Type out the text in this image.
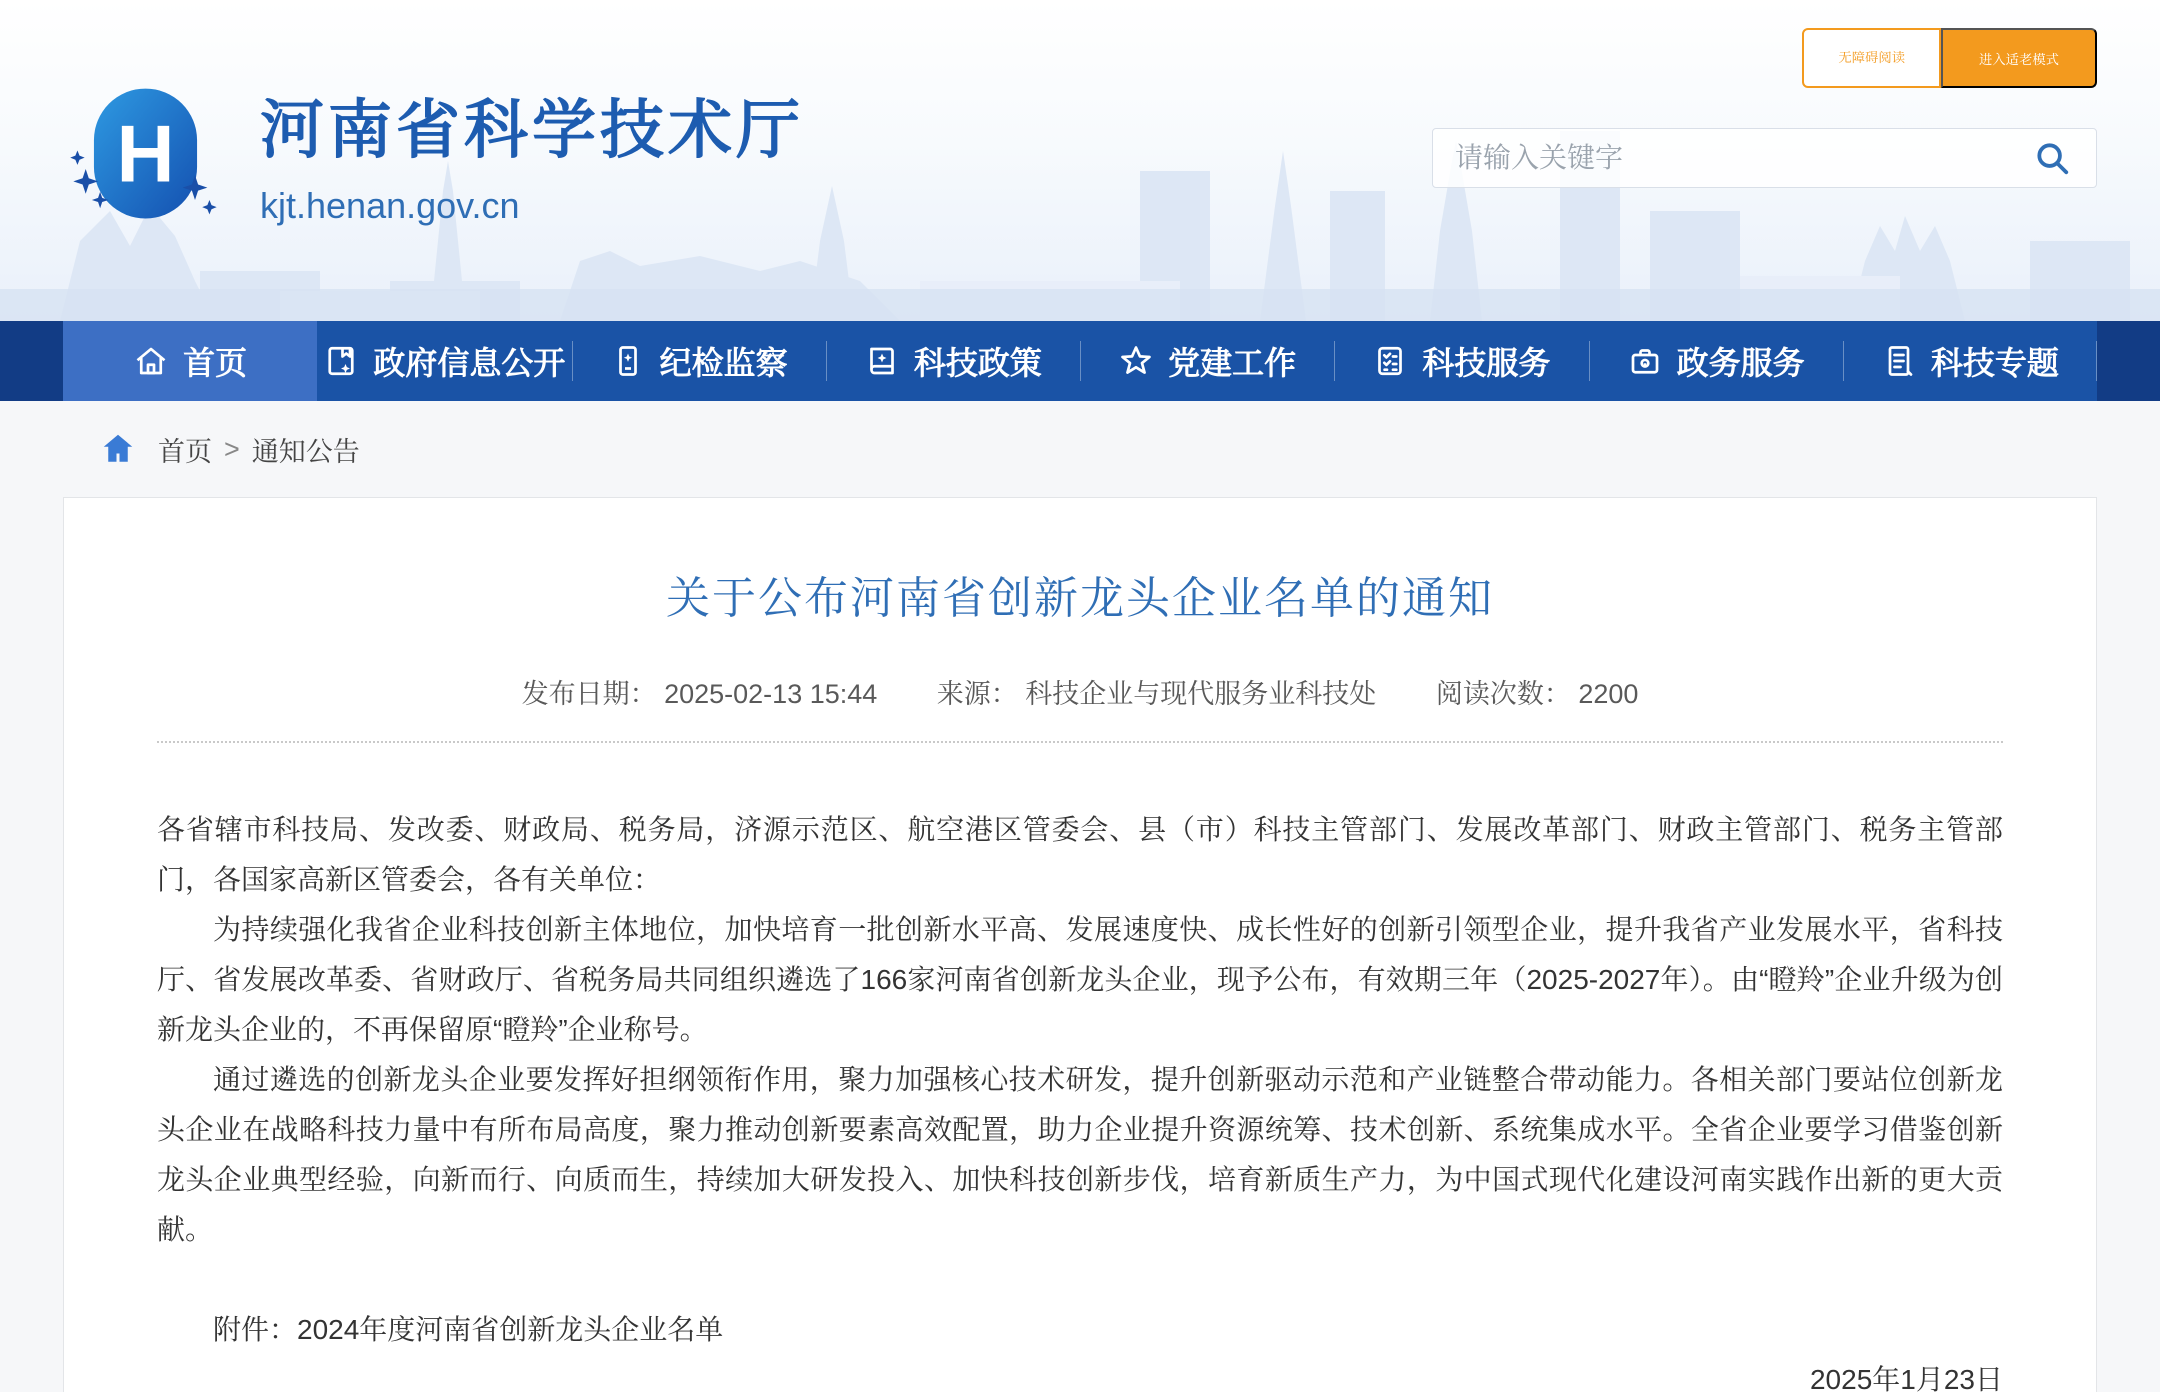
无障碍阅读	进入适老模式
H 河南省科学技术厅
kjt.henan.gov.cn
请输入关键字
首页	政府信息公开	纪检监察	科技政策	党建工作	科技服务	政务服务	科技专题
首页 > 通知公告
关于公布河南省创新龙头企业名单的通知
发布日期： 2025-02-13 15:44 来源： 科技企业与现代服务业科技处 阅读次数： 2200

各省辖市科技局、发改委、财政局、税务局，济源示范区、航空港区管委会、县（市）科技主管部门、发展改革部门、财政主管部门、税务主管部门，各国家高新区管委会，各有关单位：

为持续强化我省企业科技创新主体地位，加快培育一批创新水平高、发展速度快、成长性好的创新引领型企业，提升我省产业发展水平，省科技厅、省发展改革委、省财政厅、省税务局共同组织遴选了166家河南省创新龙头企业，现予公布，有效期三年（2025-2027年）。由“瞪羚”企业升级为创新龙头企业的，不再保留原“瞪羚”企业称号。

通过遴选的创新龙头企业要发挥好担纲领衔作用，聚力加强核心技术研发，提升创新驱动示范和产业链整合带动能力。各相关部门要站位创新龙头企业在战略科技力量中有所布局高度，聚力推动创新要素高效配置，助力企业提升资源统筹、技术创新、系统集成水平。全省企业要学习借鉴创新龙头企业典型经验，向新而行、向质而生，持续加大研发投入、加快科技创新步伐，培育新质生产力，为中国式现代化建设河南实践作出新的更大贡献。

附件：2024年度河南省创新龙头企业名单

2025年1月23日
